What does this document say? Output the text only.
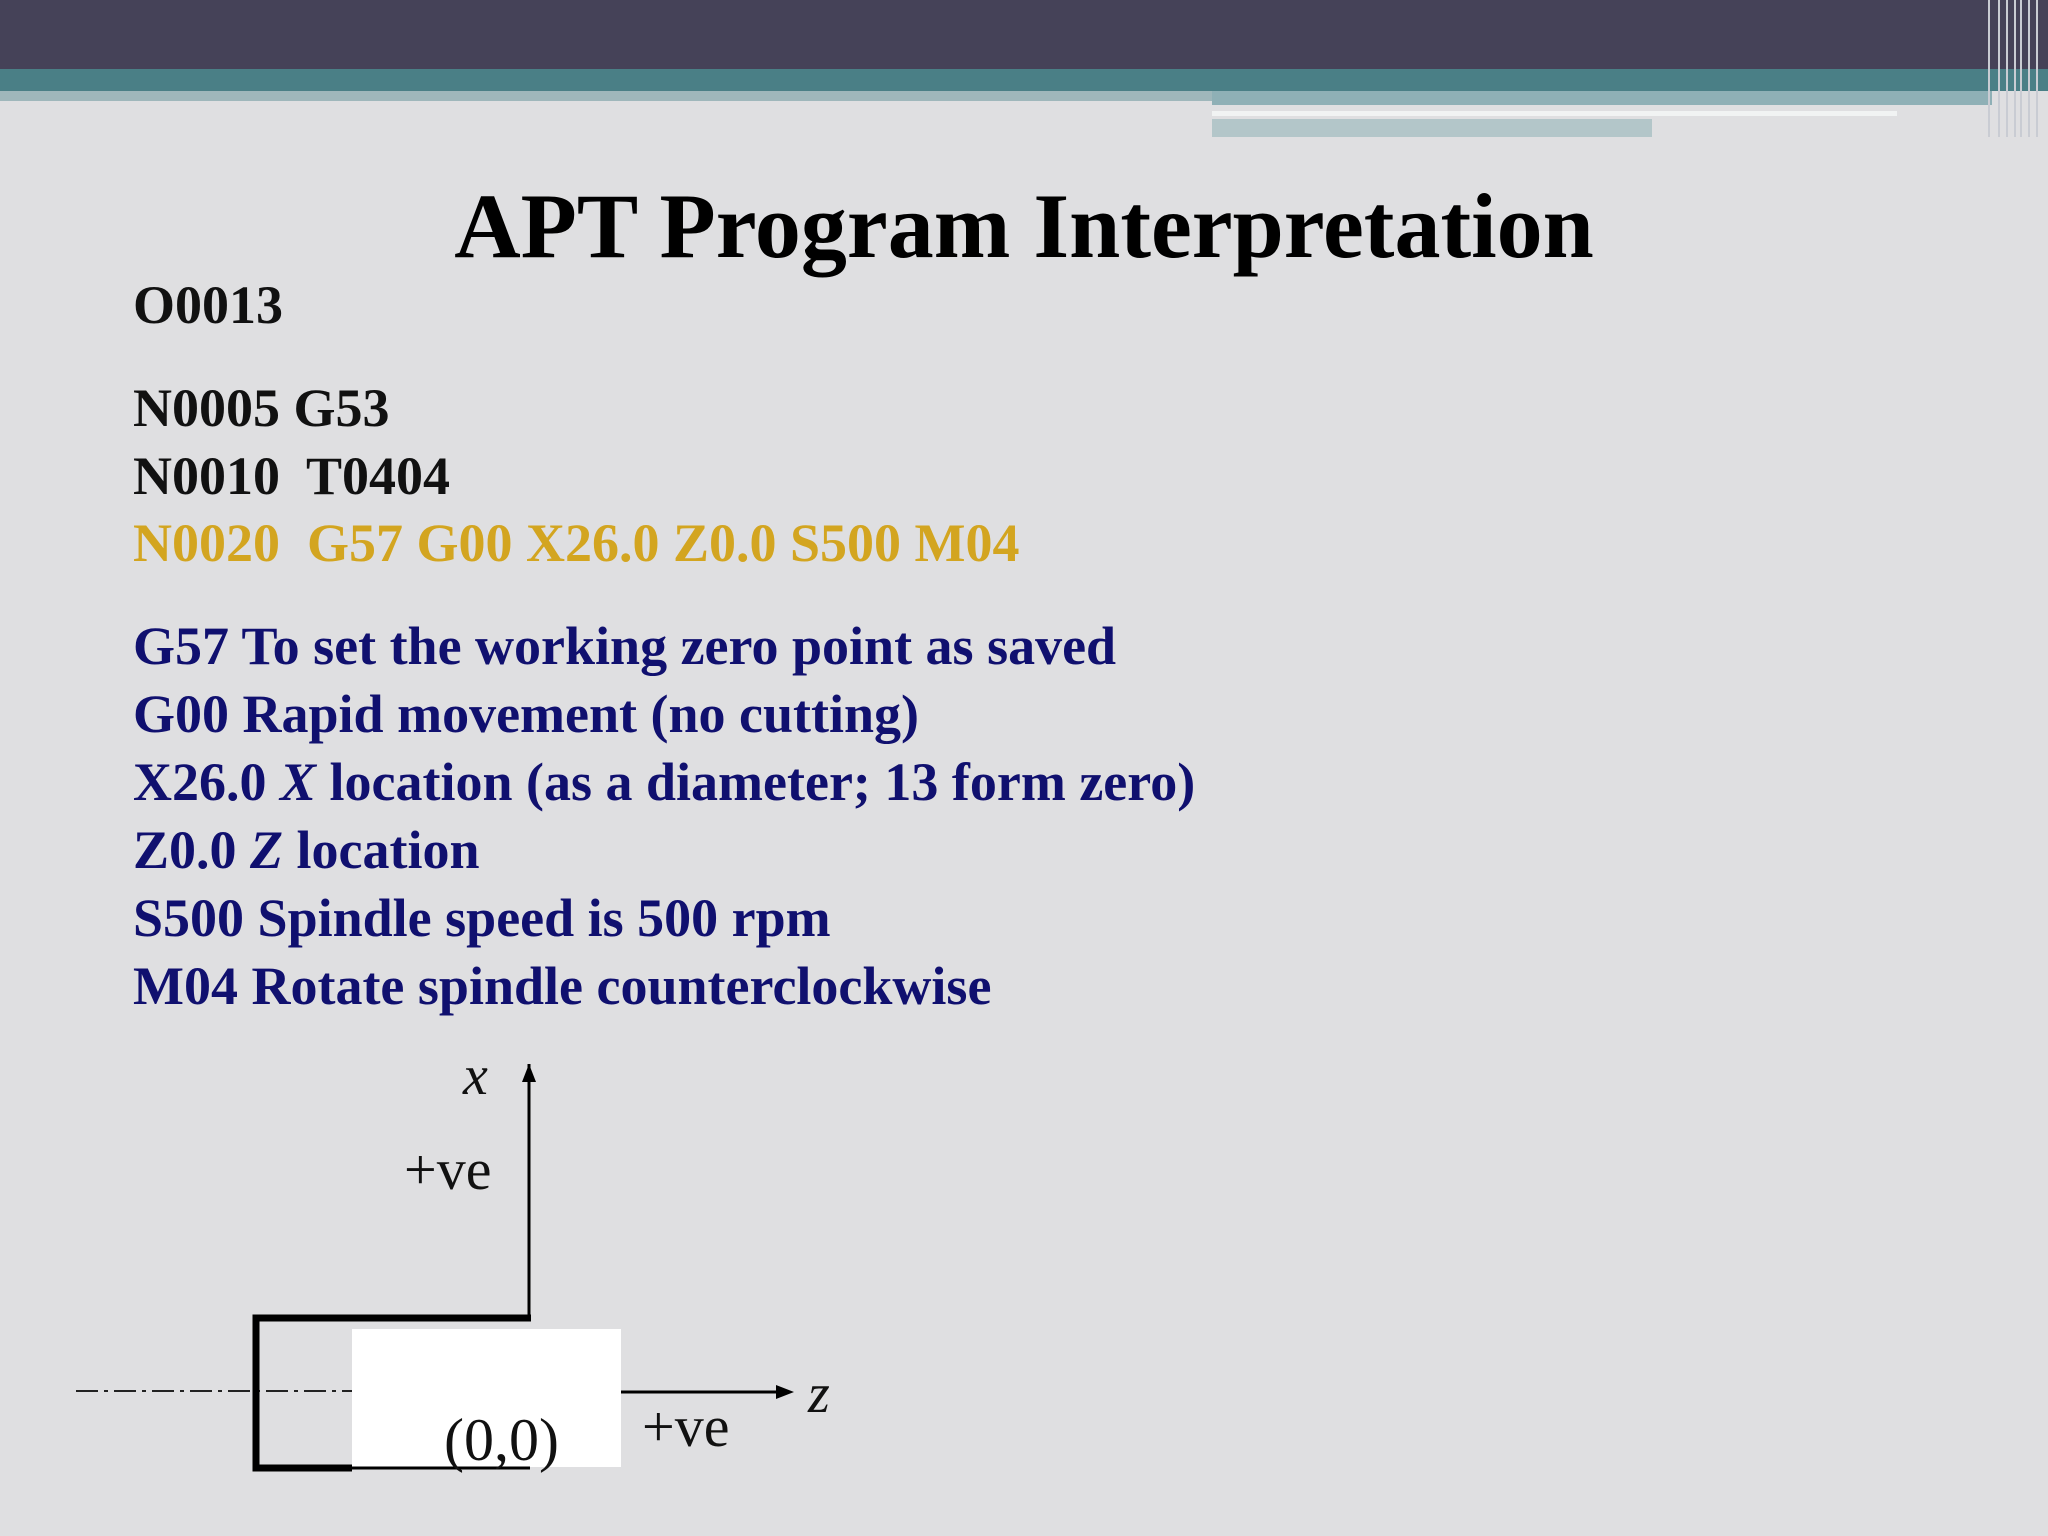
APT Program Interpretation
O0013
N0005 G53
N0010  T0404
N0020  G57 G00 X26.0 Z0.0 S500 M04
G57 To set the working zero point as saved
G00 Rapid movement (no cutting)
X26.0 X location (as a diameter; 13 form zero)
Z0.0 Z location
S500 Spindle speed is 500 rpm
M04 Rotate spindle counterclockwise
x
+ve
z
+ve
(0,0)
